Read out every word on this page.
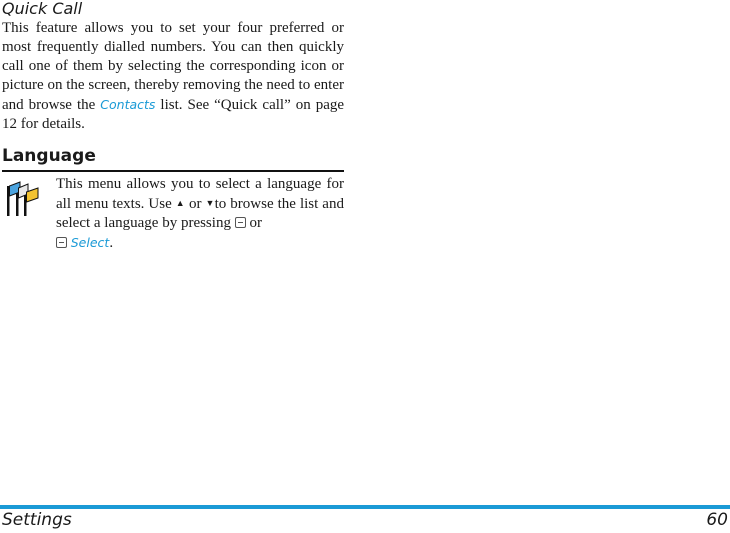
Quick Call
This feature allows you to set your four preferred or most frequently dialled numbers. You can then quickly call one of them by selecting the corresponding icon or picture on the screen, thereby removing the need to enter and browse the Contacts list. See “Quick call” on page 12 for details.
Language
This menu allows you to select a language for all menu texts. Use ▲ or ▼to browse the list and select a language by pressing  or
Select.
Settings	60
